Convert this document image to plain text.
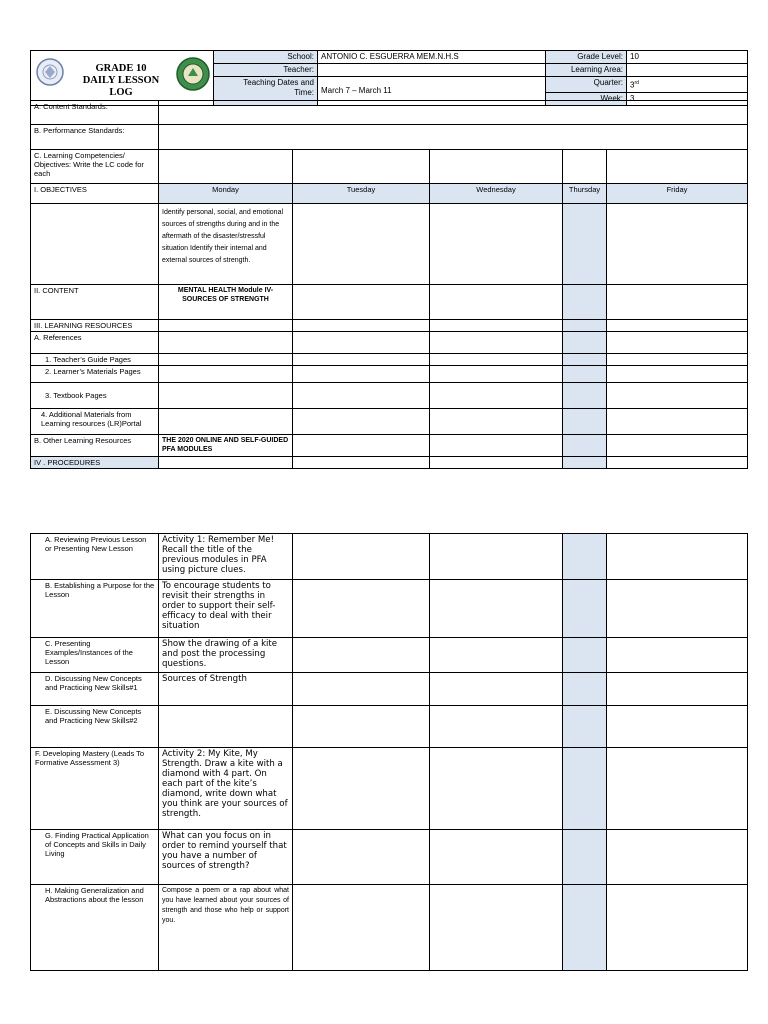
GRADE 10
DAILY LESSON LOG	School:	ANTONIO C. ESGUERRA MEM.N.H.S	Grade Level:	10
	Teacher:		Learning Area:	

	Teaching Dates and
Time:	March 7 – March 11	Quarter:	3rd
			Week:	3
A. Content Standards:					
B. Performance Standards:					
C. Learning Competencies/ Objectives: Write the LC code for each					
I. OBJECTIVES	Monday	Tuesday	Wednesday	Thursday	Friday
	Identify personal, social, and emotional sources of strengths during and in the aftermath of the disaster/stressful situation Identify their internal and external sources of strength.				
II. CONTENT	MENTAL HEALTH Module IV- SOURCES OF STRENGTH				
III. LEARNING RESOURCES					
A. References					
1. Teacher’s Guide Pages					
2. Learner’s Materials Pages					
3. Textbook Pages					
4. Additional Materials from Learning resources (LR)Portal					
B. Other Learning Resources	THE 2020 ONLINE AND SELF-GUIDED PFA MODULES				
IV . PROCEDURES					
A. Reviewing Previous Lesson or Presenting New Lesson	Activity 1: Remember Me! Recall the title of the previous modules in PFA using picture clues.				
B. Establishing a Purpose for the Lesson	To encourage students to revisit their strengths in order to support their self- efficacy to deal with their situation				
C. Presenting Examples/Instances of the Lesson	Show the drawing of a kite and post the processing questions.				
D. Discussing New Concepts and Practicing New Skills#1	Sources of Strength				
E. Discussing New Concepts and Practicing New Skills#2					
F. Developing Mastery (Leads To Formative Assessment 3)	Activity 2: My Kite, My Strength. Draw a kite with a diamond with 4 part. On each part of the kite’s diamond, write down what you think are your sources of strength.				
G. Finding Practical Application of Concepts and Skills in Daily Living	What can you focus on in order to remind yourself that you have a number of sources of strength?				
H. Making Generalization and Abstractions about the lesson	Compose a poem or a rap about what you have learned about your sources of strength and those who help or support you.				
